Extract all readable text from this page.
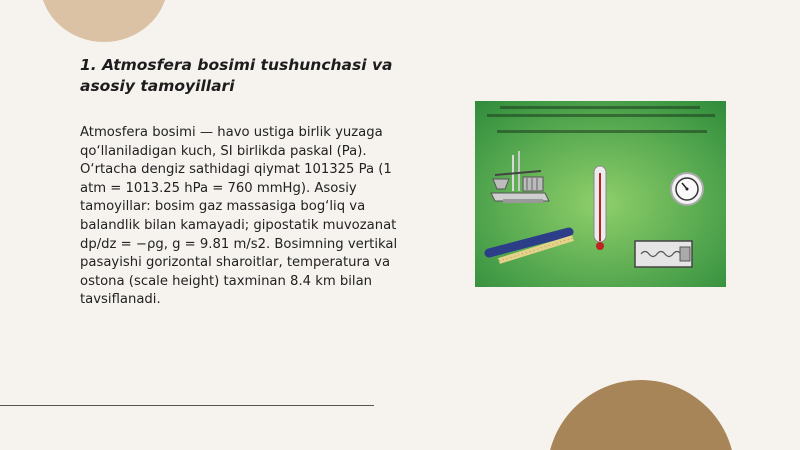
1. Atmosfera bosimi tushunchasi va asosiy tamoyillari

Atmosfera bosimi — havo ustiga birlik yuzaga qo‘llaniladigan kuch, SI birlikda paskal (Pa). O‘rtacha dengiz sathidagi qiymat 101325 Pa (1 atm = 1013.25 hPa = 760 mmHg). Asosiy tamoyillar: bosim gaz massasiga bog‘liq va balandlik bilan kamayadi; gipostatik muvozanat dp/dz = −ρg, g = 9.81 m/s2. Bosimning vertikal pasayishi gorizontal sharoitlar, temperatura va ostona (scale height) taxminan 8.4 km bilan tavsiflanadi.
